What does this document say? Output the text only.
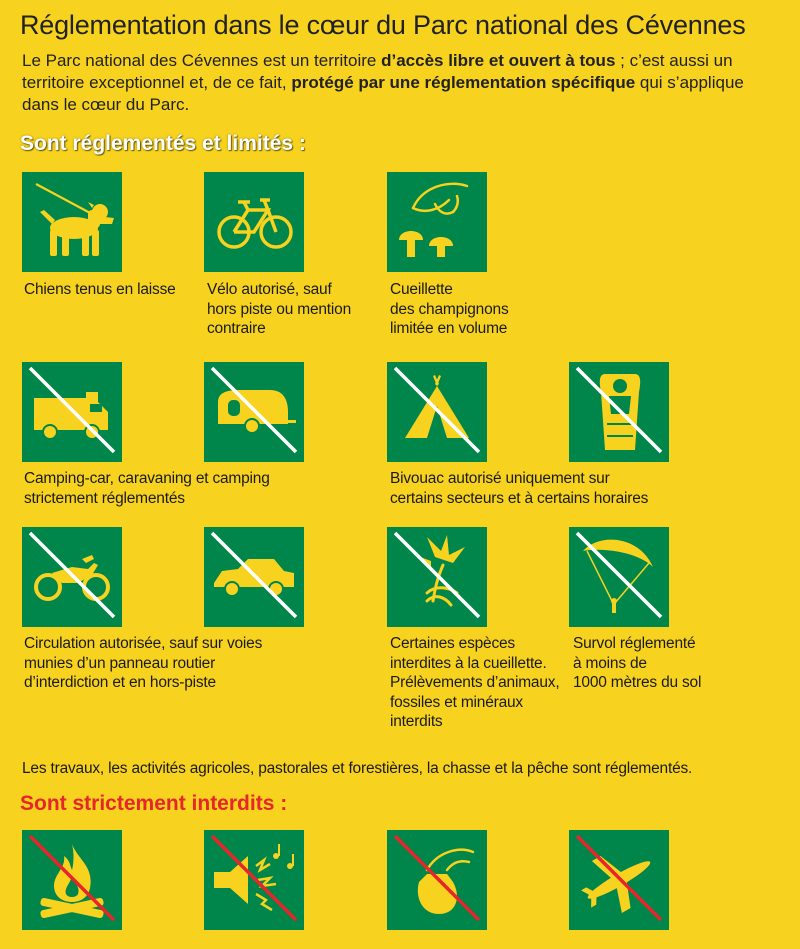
Réglementation dans le cœur du Parc national des Cévennes

Le Parc national des Cévennes est un territoire d’accès libre et ouvert à tous ; c’est aussi un territoire exceptionnel et, de ce fait, protégé par une réglementation spécifique qui s’applique dans le cœur du Parc.

Sont réglementés et limités :

Chiens tenus en laisse Vélo autorisé, sauf
hors piste ou mention
contraire

Cueillette
des champignons
limitée en volume

Camping-car, caravaning et camping
strictement réglementés

Bivouac autorisé uniquement sur
certains secteurs et à certains horaires

Circulation autorisée, sauf sur voies
munies d’un panneau routier
d’interdiction et en hors-piste

Certaines espèces
interdites à la cueillette.
Prélèvements d’animaux,
fossiles et minéraux
interdits

Survol réglementé
à moins de
1000 mètres du sol

Les travaux, les activités agricoles, pastorales et forestières, la chasse et la pêche sont réglementés.

Sont strictement interdits :
